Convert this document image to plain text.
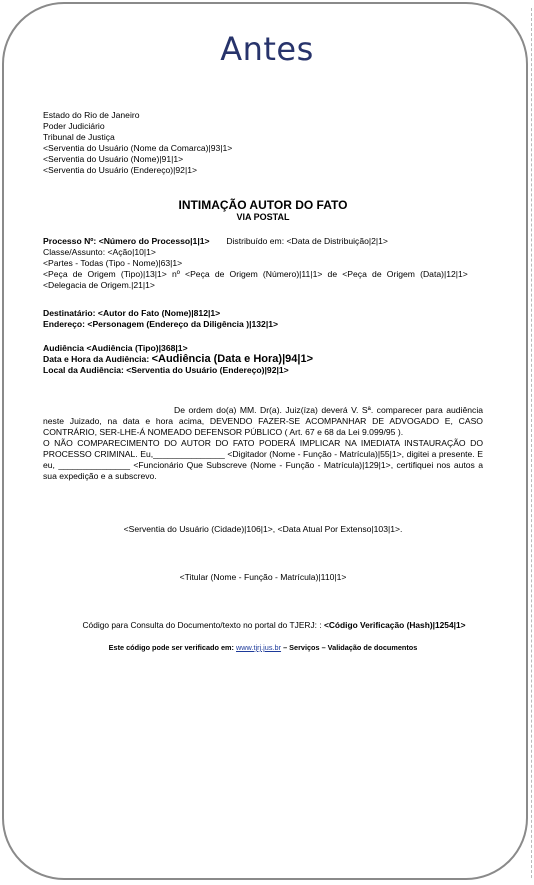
Antes

Estado do Rio de Janeiro

Poder Judiciário

Tribunal de Justiça

<Serventia do Usuário (Nome da Comarca)|93|1>

<Serventia do Usuário (Nome)|91|1>

<Serventia do Usuário (Endereço)|92|1>

INTIMAÇÃO AUTOR DO FATO
VIA POSTAL

Processo Nº: <Número do Processo|1|1> Distribuído em: <Data de Distribuição|2|1>

Classe/Assunto: <Ação|10|1>

<Partes - Todas (Tipo - Nome)|63|1>

<Peça de Origem (Tipo)|13|1> nº <Peça de Origem (Número)|11|1> de <Peça de Origem (Data)|12|1>  <Delegacia de Origem.|21|1>

Destinatário: <Autor do Fato (Nome)|812|1>

Endereço: <Personagem (Endereço da Diligência )|132|1>

Audiência <Audiência (Tipo)|368|1>

Data e Hora da Audiência: <Audiência (Data e Hora)|94|1>

Local da Audiência: <Serventia do Usuário (Endereço)|92|1>

De ordem do(a) MM. Dr(a). Juiz(íza) deverá V. Sª. comparecer para audiência neste Juizado, na data e hora acima, DEVENDO FAZER-SE ACOMPANHAR DE ADVOGADO E, CASO CONTRÁRIO, SER-LHE-Á NOMEADO DEFENSOR PÚBLICO ( Art. 67 e 68 da Lei 9.099/95 ).

O NÃO COMPARECIMENTO DO AUTOR DO FATO PODERÁ IMPLICAR NA IMEDIATA INSTAURAÇÃO DO PROCESSO CRIMINAL. Eu,_______________ <Digitador (Nome - Função - Matrícula)|55|1>, digitei a presente. E eu, _______________ <Funcionário Que Subscreve (Nome - Função - Matrícula)|129|1>, certifiquei nos autos a sua expedição e a subscrevo.

<Serventia do Usuário (Cidade)|106|1>, <Data Atual Por Extenso|103|1>.
<Titular (Nome - Função - Matrícula)|110|1>
Código para Consulta do Documento/texto no portal do TJERJ: : <Código Verificação (Hash)|1254|1>
Este código pode ser verificado em: www.tjrj.jus.br – Serviços – Validação de documentos
